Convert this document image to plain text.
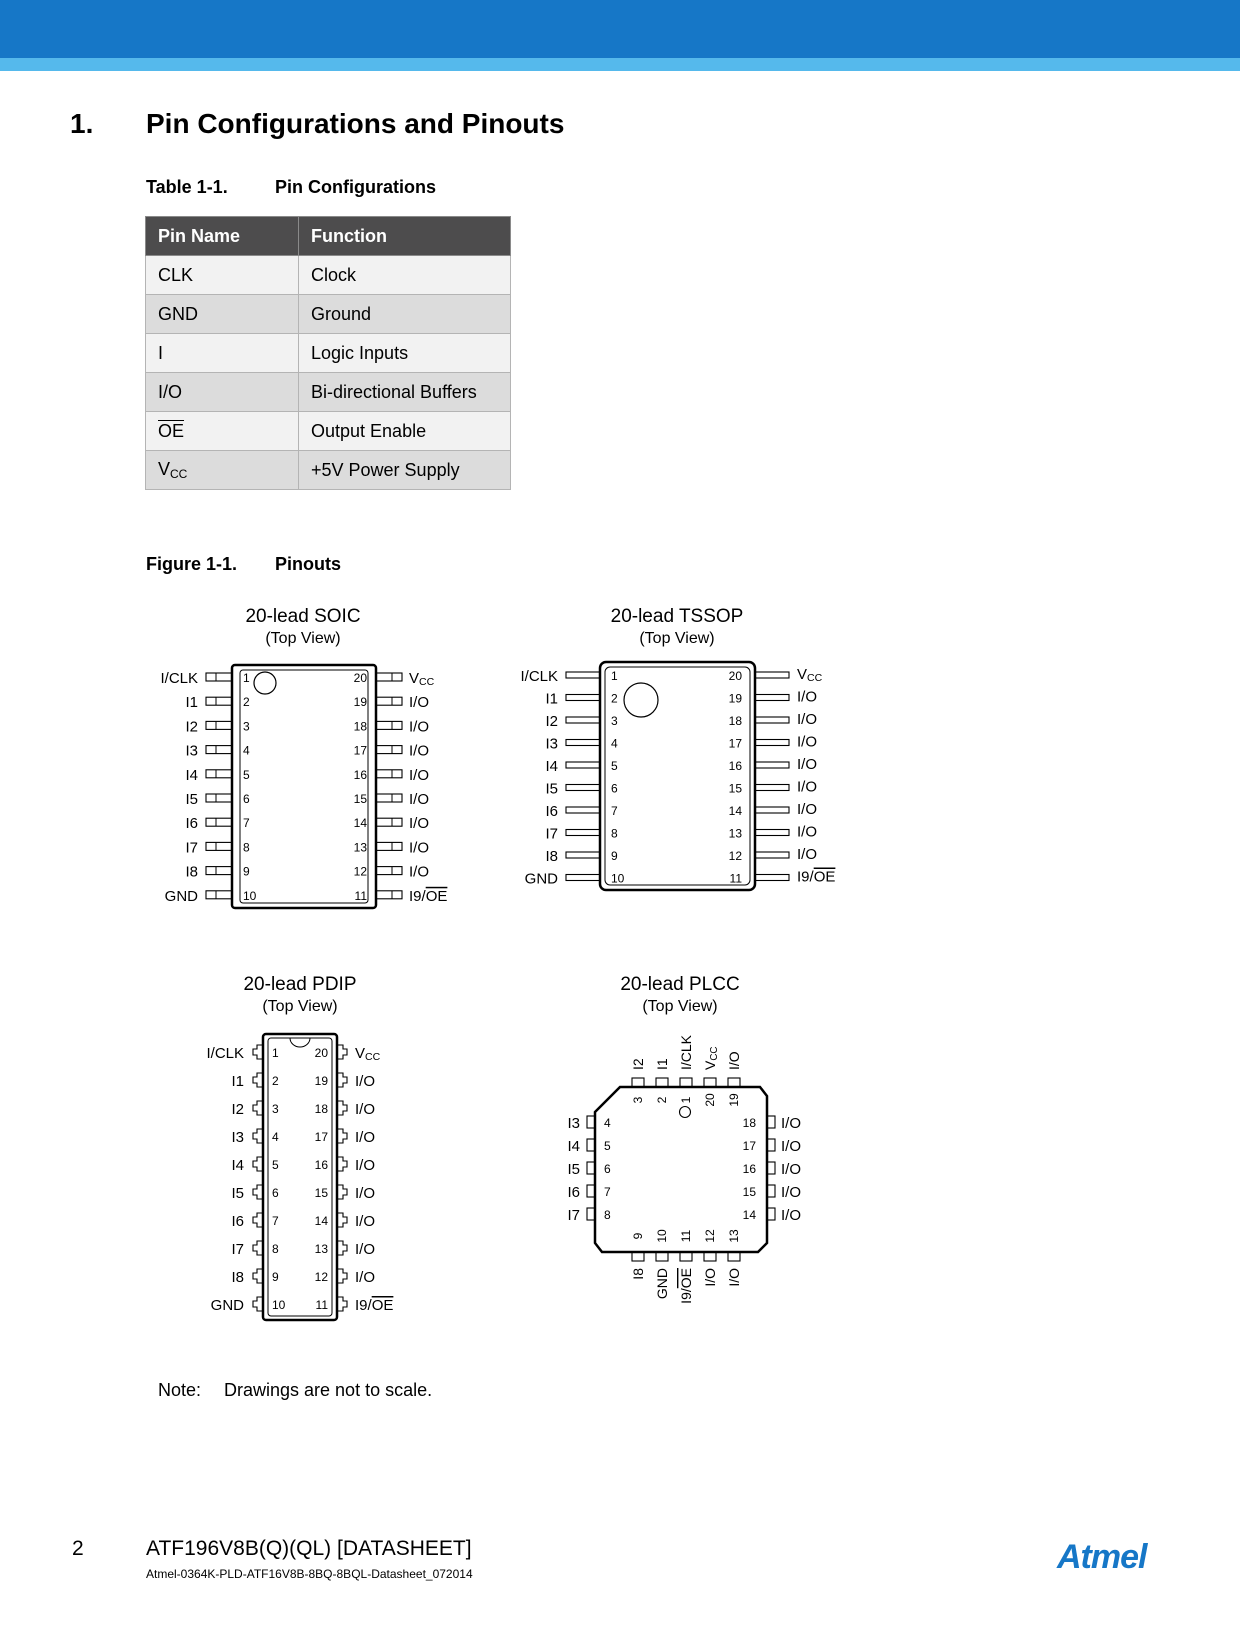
1. Pin Configurations and Pinouts
Table 1-1.	Pin Configurations
Pin Name	Function
CLK	Clock
GND	Ground
I	Logic Inputs
I/O	Bi-directional Buffers
$\overline{OE}$	Output Enable
$V_{CC}$	+5V Power Supply
Figure 1-1. Pinouts
20-lead SOIC
(Top View)
1	20
I/CLK	VCC
2	19
I1	I/O
3	18
I2	I/O
4	17
I3	I/O
5	16
I4	I/O
6	15
I5	I/O
7	14
I6	I/O
8	13
I7	I/O
9	12
I8	I/O
10	11
GND	I9/OE
20-lead TSSOP
(Top View)
1	20
I/CLK	VCC
2	19
I1	I/O
3	18
I2	I/O
4	17
I3	I/O
5	16
I4	I/O
6	15
I5	I/O
7	14
I6	I/O
8	13
I7	I/O
9	12
I8	I/O
10	11
GND	I9/OE
20-lead PDIP
(Top View)
1	20
I/CLK	VCC
2	19
I1	I/O
3	18
I2	I/O
4	17
I3	I/O
5	16
I4	I/O
6	15
I5	I/O
7	14
I6	I/O
8	13
I7	I/O
9	12
I8	I/O
10	11
GND	I9/OE
20-lead PLCC
(Top View)
3
I2
2
I1
1
I/CLK
20
VCC
19
I/O
9
I8
10
GND
11
I9/OE
12
I/O
13
I/O
4
I3
5
I4
6
I5
7
I6
8
I7
18 I/O
17 I/O
16 I/O
15 I/O
14 I/O
Note: Drawings are not to scale.
2	ATF196V8B(Q)(QL) [DATASHEET]
Atmel-0364K-PLD-ATF16V8B-8BQ-8BQL-Datasheet_072014	Atmel
